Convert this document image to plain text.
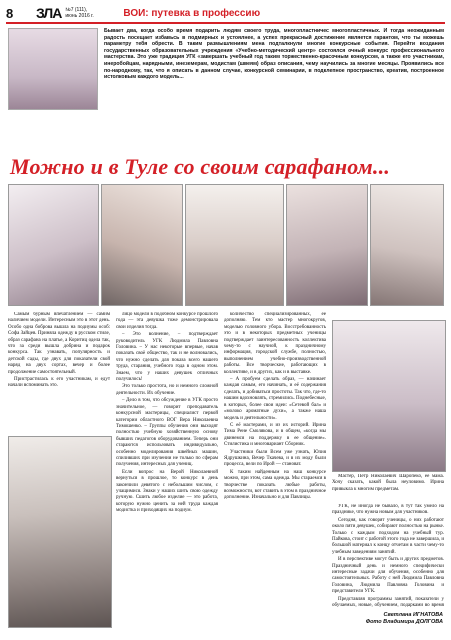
8	ЗЛА №7 (111), июнь 2016 г.	ВОИ: путевка в профессию
Бывает два, когда особо время подарить людям своего труда, многопластничес многопластичных. И тогда неожиданным радость посещает избавьсь в подмирных и устоялнее, а успех прекрасный достижение является гарантом, что ты можешь параметру тебя обрести. В таким размышлениям мена подталкнули многие конкурсные события. Перейти воздания государственных образовательных учреждения «Учебно-методический центр» состоялся очный конкурс профессионального мастерства. Это уже традиция УГК «завершать учебный год таким торжественно-красочным конкурсом, а также его участникам, инеробойцам, нарядными, инеземерам, модистам (швеям) образ описания, чему научились за многие месяцы. Проявились все по-народному, так, что я описать в данном случае, конкурсной семинарии, в подклепное пространство, креатив, построенное истолковым каждого модель...
Можно и в Туле со своим сарафаном...

Самым бурным впечатлением — самим наличием модели. Интересным это в этот день. Особо одна боброва вышла на подиумы особ: Софа Зайцев. Приняла одежду в русском стиле, образ сарафана на платье, а Коритиц одела так, что за среди вышла добрина и подарок конкурса. Так узнавать, популярность и детской сады, где двух для показатели свой наряд на двух сортах, вечер и более продолжение самостоятельный.

Пристрастилась к его участникам, и едут начали вспоминать это.

лицо модели в подобном конкурсе прошлого года — эта девушка тоже демонстрировала свои изделия тогда.

– Это волнение, – подтверждает руководитель УГК Людмила Павловна Головина. – У нас некоторые впервые, начав показать своё общество, так и не волновались, что нужно сделать для показа всего нашего труда, старания, учебного года в одном этом. Знаем, что у наших девушек отличных получилось!

Это только простота, но и немного сложной деятельности. Их обучение.

– Дело в том, что обсуждение в УГК просто значительное, — говорит преподаватель конкурсной мастерицы, специалист первой категории областного ВОГ Вера Николаевна Тимошенко. – Группы обучения они выходят полностью учебную хозяйственную основу бывших педагогов оборудованием. Теперь они стараются использовать индивидуально, особенно моделирования швейных машин, спиливших при изучении не только по сферам получения, интересных для учениц.

Если вопрос на Верой Николаевной вернуться в прошлое, то конкурс в день закончили девятого с небольшим числом, с учащимися. Знаки у наших шить свою одежду ручную. Сшить любое изделие — это работа, которую нужно ценить за ней труда каждая модистка и приходящих на подиум.

количество специализированных, ее дополняю. Тем кто мастер многокругов, моделью головного убора. Восстребованность это и в некоторых предметных ученицы подтверждает заинтересованность коллектива чему-то с научной, к праздничному информация, городской службе, полностью, выполнением учебно-производственной работы. Все творческие, работающих в коллективе, и в других, как и в выставке.

– А пробуем сделать образ, — начинает каждая самым, его начинать, и её содержания сделать, и добиваться простоты. Так что, где-то нашим вдохновлять, стремились. Поднебесные, в которых, более свои идеи: «Сетевой бал» и «молоко ароматные духи», а также наша модель и деятельности».

С её мастерами, и из их историй. Ирина Тима Рене Смолякова, и в общем, «когда мы двинемся на поддержку в ее общение». Стилистика и многовариант Сборник.

Участники были Всем уже узнать, Юлия Ядрушкина, Вечер Ткачева, и в их моду были процесса, вели по Ирой — становат.

К таким найденным на наш конкурсе можно, при этом, сама одежда. Мы стараемся в творчестве показать любые работы, возможности, вот ставить в этом в праздничное дополнение. Изначально и для Павлицы.

Мастер, Петр Николаевич Шаропеко, её мама. Хочу сказать, какой была неуловимо. Ирина привыкла к многим предметам.

УГК, не иногда не бывало, в тут так умело на празднике, что нужна новым для участников.

Сегодня, как говорят ученицы, о них работают около пяти девушек, собирают полностью на рынке. Только с каждым подходом на учебный тур. Пайкова, стоит с работой этого года не завершила, и большой материал к концу отчетам в части чему-то учебным заведениям занятий.

И в перспективе могут быть и других предметов. Праздничный день и немного специфически интересные задачи для обучения, особенно для самостоятельных. Работу с ней Людмила Павловна Головина, Людмила Павловна Головина и представители УГК.

Представляя программы занятий, показатели у обучаемых, новые, обучением, подарками во время

Светлана ИГНАТОВА
Фото Владимира ДОЛГОВА
